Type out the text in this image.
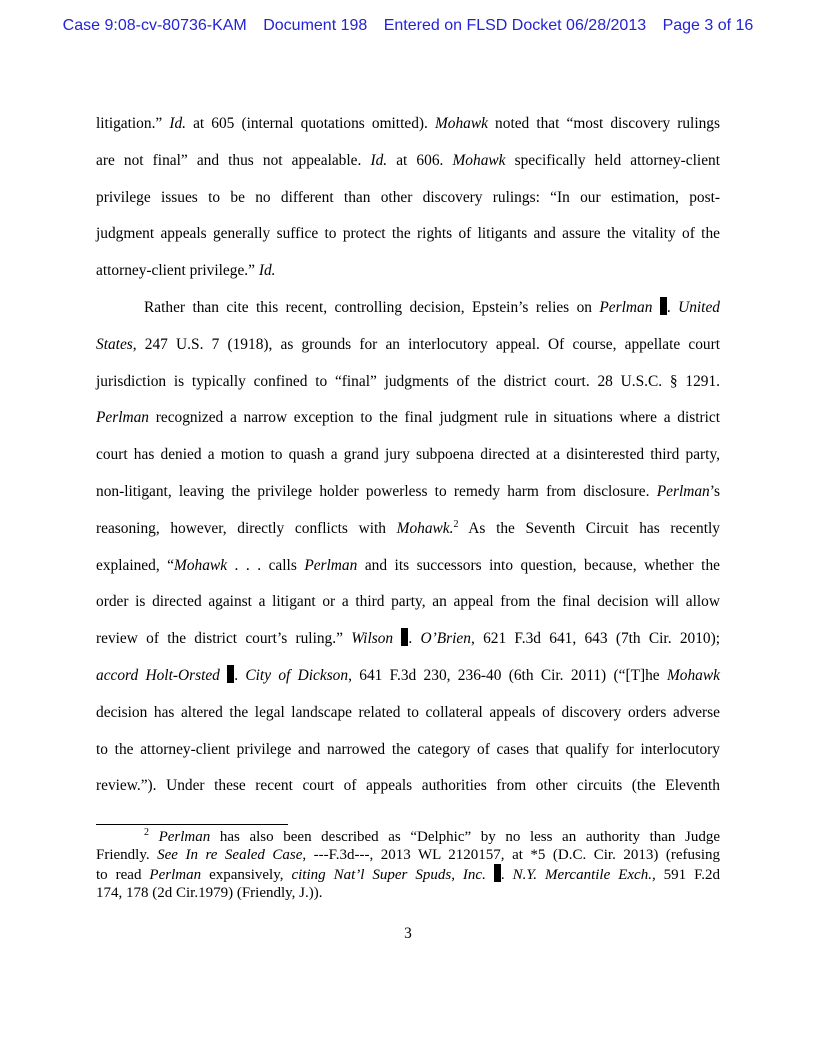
Case 9:08-cv-80736-KAM Document 198 Entered on FLSD Docket 06/28/2013 Page 3 of 16
litigation.” Id. at 605 (internal quotations omitted). Mohawk noted that “most discovery rulings
are not final” and thus not appealable. Id. at 606. Mohawk specifically held attorney-client
privilege issues to be no different than other discovery rulings: “In our estimation, post-
judgment appeals generally suffice to protect the rights of litigants and assure the vitality of the
attorney-client privilege.” Id.
Rather than cite this recent, controlling decision, Epstein’s relies on Perlman . United
States, 247 U.S. 7 (1918), as grounds for an interlocutory appeal. Of course, appellate court
jurisdiction is typically confined to “final” judgments of the district court. 28 U.S.C. § 1291.
Perlman recognized a narrow exception to the final judgment rule in situations where a district
court has denied a motion to quash a grand jury subpoena directed at a disinterested third party,
non-litigant, leaving the privilege holder powerless to remedy harm from disclosure. Perlman’s
reasoning, however, directly conflicts with Mohawk.$^2$ As the Seventh Circuit has recently
explained, “Mohawk . . . calls Perlman and its successors into question, because, whether the
order is directed against a litigant or a third party, an appeal from the final decision will allow
review of the district court’s ruling.” Wilson . O’Brien, 621 F.3d 641, 643 (7th Cir. 2010);
accord Holt-Orsted . City of Dickson, 641 F.3d 230, 236-40 (6th Cir. 2011) (“[T]he Mohawk
decision has altered the legal landscape related to collateral appeals of discovery orders adverse
to the attorney-client privilege and narrowed the category of cases that qualify for interlocutory
review.”). Under these recent court of appeals authorities from other circuits (the Eleventh
$^2$ Perlman has also been described as “Delphic” by no less an authority than Judge
Friendly. See In re Sealed Case, ---F.3d---, 2013 WL 2120157, at *5 (D.C. Cir. 2013) (refusing
to read Perlman expansively, citing Nat’l Super Spuds, Inc. . N.Y. Mercantile Exch., 591 F.2d
174, 178 (2d Cir.1979) (Friendly, J.)).
3
